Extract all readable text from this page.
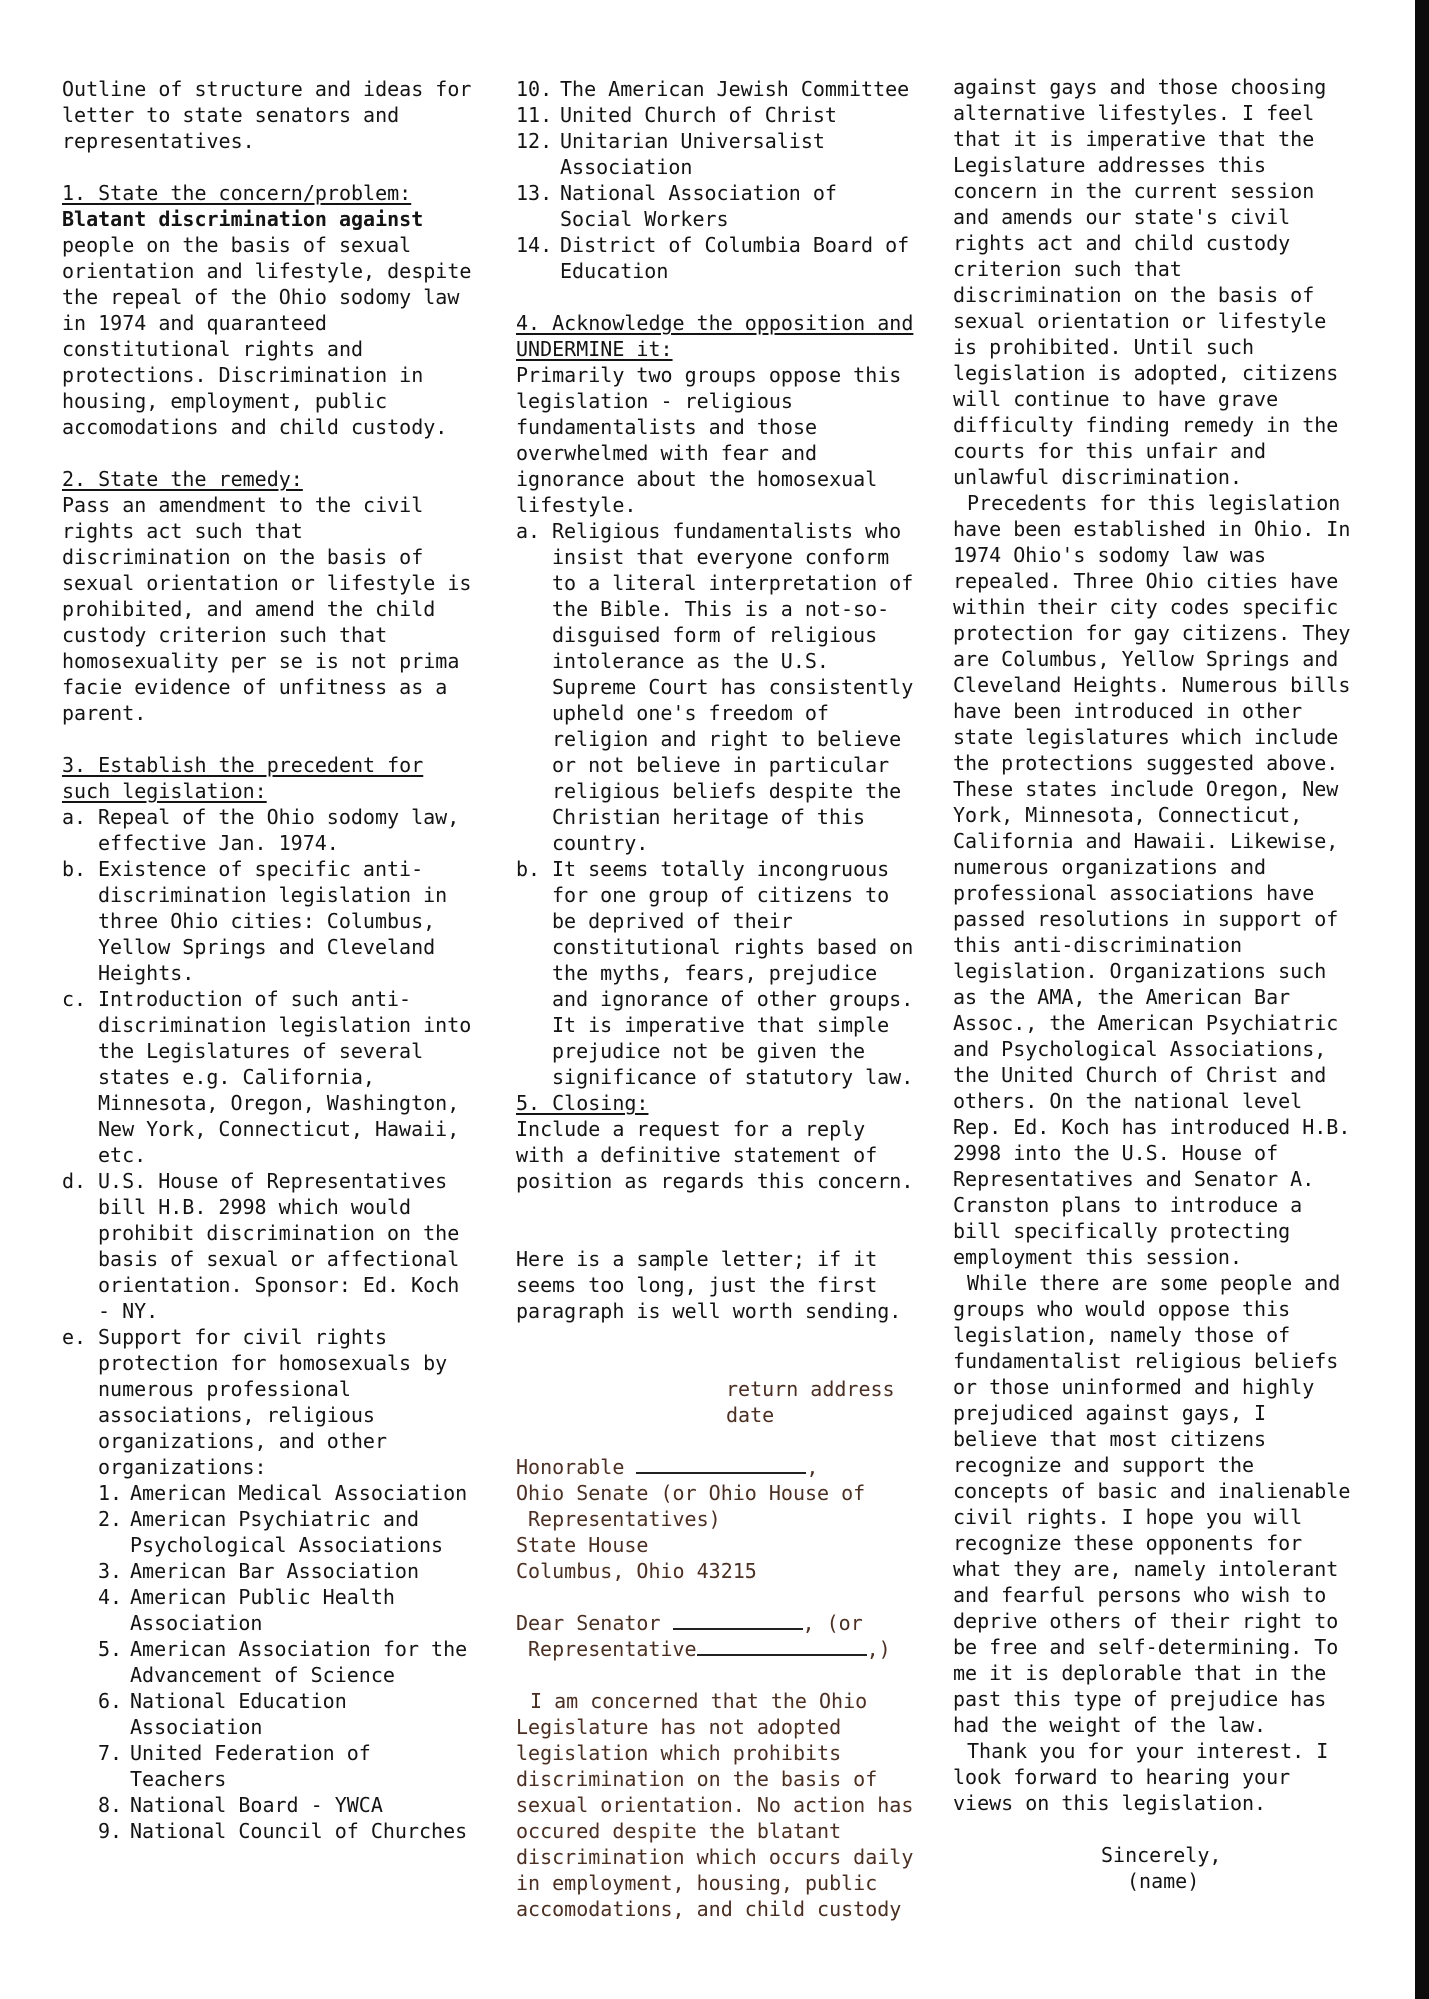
Outline of structure and ideas for letter to state senators and representatives.

1. State the concern/problem:

Blatant discrimination against people on the basis of sexual orientation and lifestyle, despite the repeal of the Ohio sodomy law in 1974 and quaranteed constitutional rights and protections. Discrimination in housing, employment, public accomodations and child custody.

2. State the remedy:

Pass an amendment to the civil rights act such that discrimination on the basis of sexual orientation or lifestyle is prohibited, and amend the child custody criterion such that homosexuality per se is not prima facie evidence of unfitness as a parent.

3. Establish the precedent for such legislation:

a. Repeal of the Ohio sodomy law, effective Jan. 1974.
b. Existence of specific anti-discrimination legislation in three Ohio cities: Columbus, Yellow Springs and Cleveland Heights.
c. Introduction of such anti-discrimination legislation into the Legislatures of several states e.g. California, Minnesota, Oregon, Washington, New York, Connecticut, Hawaii, etc.
d. U.S. House of Representatives bill H.B. 2998 which would prohibit discrimination on the basis of sexual or affectional orientation. Sponsor: Ed. Koch - NY.
e. Support for civil rights protection for homosexuals by numerous professional associations, religious organizations, and other organizations:
1. American Medical Association
2. American Psychiatric and Psychological Associations
3. American Bar Association
4. American Public Health Association
5. American Association for the Advancement of Science
6. National Education Association
7. United Federation of Teachers
8. National Board - YWCA
9. National Council of Churches
10. The American Jewish Committee
11. United Church of Christ
12. Unitarian Universalist Association
13. National Association of Social Workers
14. District of Columbia Board of Education

4. Acknowledge the opposition and UNDERMINE it:

Primarily two groups oppose this legislation - religious fundamentalists and those overwhelmed with fear and ignorance about the homosexual lifestyle.

a. Religious fundamentalists who insist that everyone conform to a literal interpretation of the Bible. This is a not-so-disguised form of religious intolerance as the U.S. Supreme Court has consistently upheld one's freedom of religion and right to believe or not believe in particular religious beliefs despite the Christian heritage of this country.
b. It seems totally incongruous for one group of citizens to be deprived of their constitutional rights based on the myths, fears, prejudice and ignorance of other groups. It is imperative that simple prejudice not be given the significance of statutory law.

5. Closing:

Include a request for a reply with a definitive statement of position as regards this concern.

Here is a sample letter; if it seems too long, just the first paragraph is well worth sending.

return address

date

Honorable	,

Ohio Senate (or Ohio House of

Representatives)

State House

Columbus, Ohio 43215

Dear Senator	, (or

Representative	,)

I am concerned that the Ohio Legislature has not adopted legislation which prohibits discrimination on the basis of sexual orientation. No action has occured despite the blatant discrimination which occurs daily in employment, housing, public accomodations, and child custody

against gays and those choosing alternative lifestyles. I feel that it is imperative that the Legislature addresses this concern in the current session and amends our state's civil rights act and child custody criterion such that discrimination on the basis of sexual orientation or lifestyle is prohibited. Until such legislation is adopted, citizens will continue to have grave difficulty finding remedy in the courts for this unfair and unlawful discrimination.

Precedents for this legislation have been established in Ohio. In 1974 Ohio's sodomy law was repealed. Three Ohio cities have within their city codes specific protection for gay citizens. They are Columbus, Yellow Springs and Cleveland Heights. Numerous bills have been introduced in other state legislatures which include the protections suggested above. These states include Oregon, New York, Minnesota, Connecticut, California and Hawaii. Likewise, numerous organizations and professional associations have passed resolutions in support of this anti-discrimination legislation. Organizations such as the AMA, the American Bar Assoc., the American Psychiatric and Psychological Associations, the United Church of Christ and others. On the national level Rep. Ed. Koch has introduced H.B. 2998 into the U.S. House of Representatives and Senator A. Cranston plans to introduce a bill specifically protecting employment this session.

While there are some people and groups who would oppose this legislation, namely those of fundamentalist religious beliefs or those uninformed and highly prejudiced against gays, I believe that most citizens recognize and support the concepts of basic and inalienable civil rights. I hope you will recognize these opponents for what they are, namely intolerant and fearful persons who wish to deprive others of their right to be free and self-determining. To me it is deplorable that in the past this type of prejudice has had the weight of the law.

Thank you for your interest. I look forward to hearing your views on this legislation.

Sincerely,

(name)
